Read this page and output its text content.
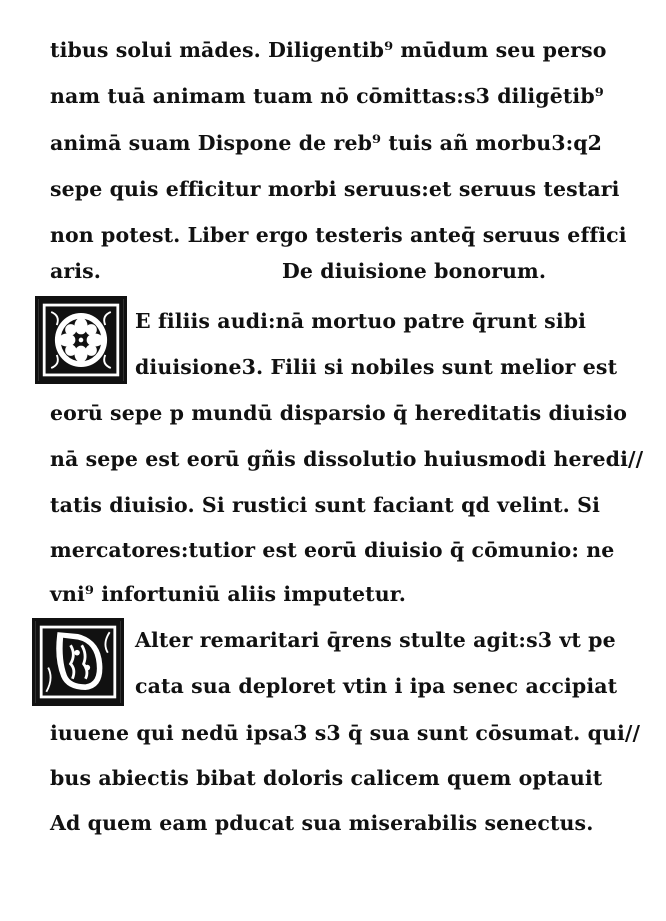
tibus solui mādes. Diligentib⁹ mūdum seu perso
nam tuā animam tuam nō cōmittas:s3 diligētib⁹
animā suam Dispone de reb⁹ tuis añ morbu3:q2
sepe quis efficitur morbi seruus:et seruus testari
non potest. Liber ergo testeris anteq̄ seruus effici
aris.	De diuisione bonorum.
E filiis audi:nā mortuo patre q̄runt sibi
diuisione3. Filii si nobiles sunt melior est
eorū sepe p mundū disparsio q̄ hereditatis diuisio
nā sepe est eorū gñis dissolutio huiusmodi heredi//
tatis diuisio. Si rustici sunt faciant qd velint. Si
mercatores:tutior est eorū diuisio q̄ cōmunio: ne
vni⁹ infortuniū aliis imputetur.
Alter remaritari q̄rens stulte agit:s3 vt pe
cata sua deploret vtin i ipa senec accipiat
iuuene qui nedū ipsa3 s3 q̄ sua sunt cōsumat. qui//
bus abiectis bibat doloris calicem quem optauit
Ad quem eam pducat sua miserabilis senectus.
